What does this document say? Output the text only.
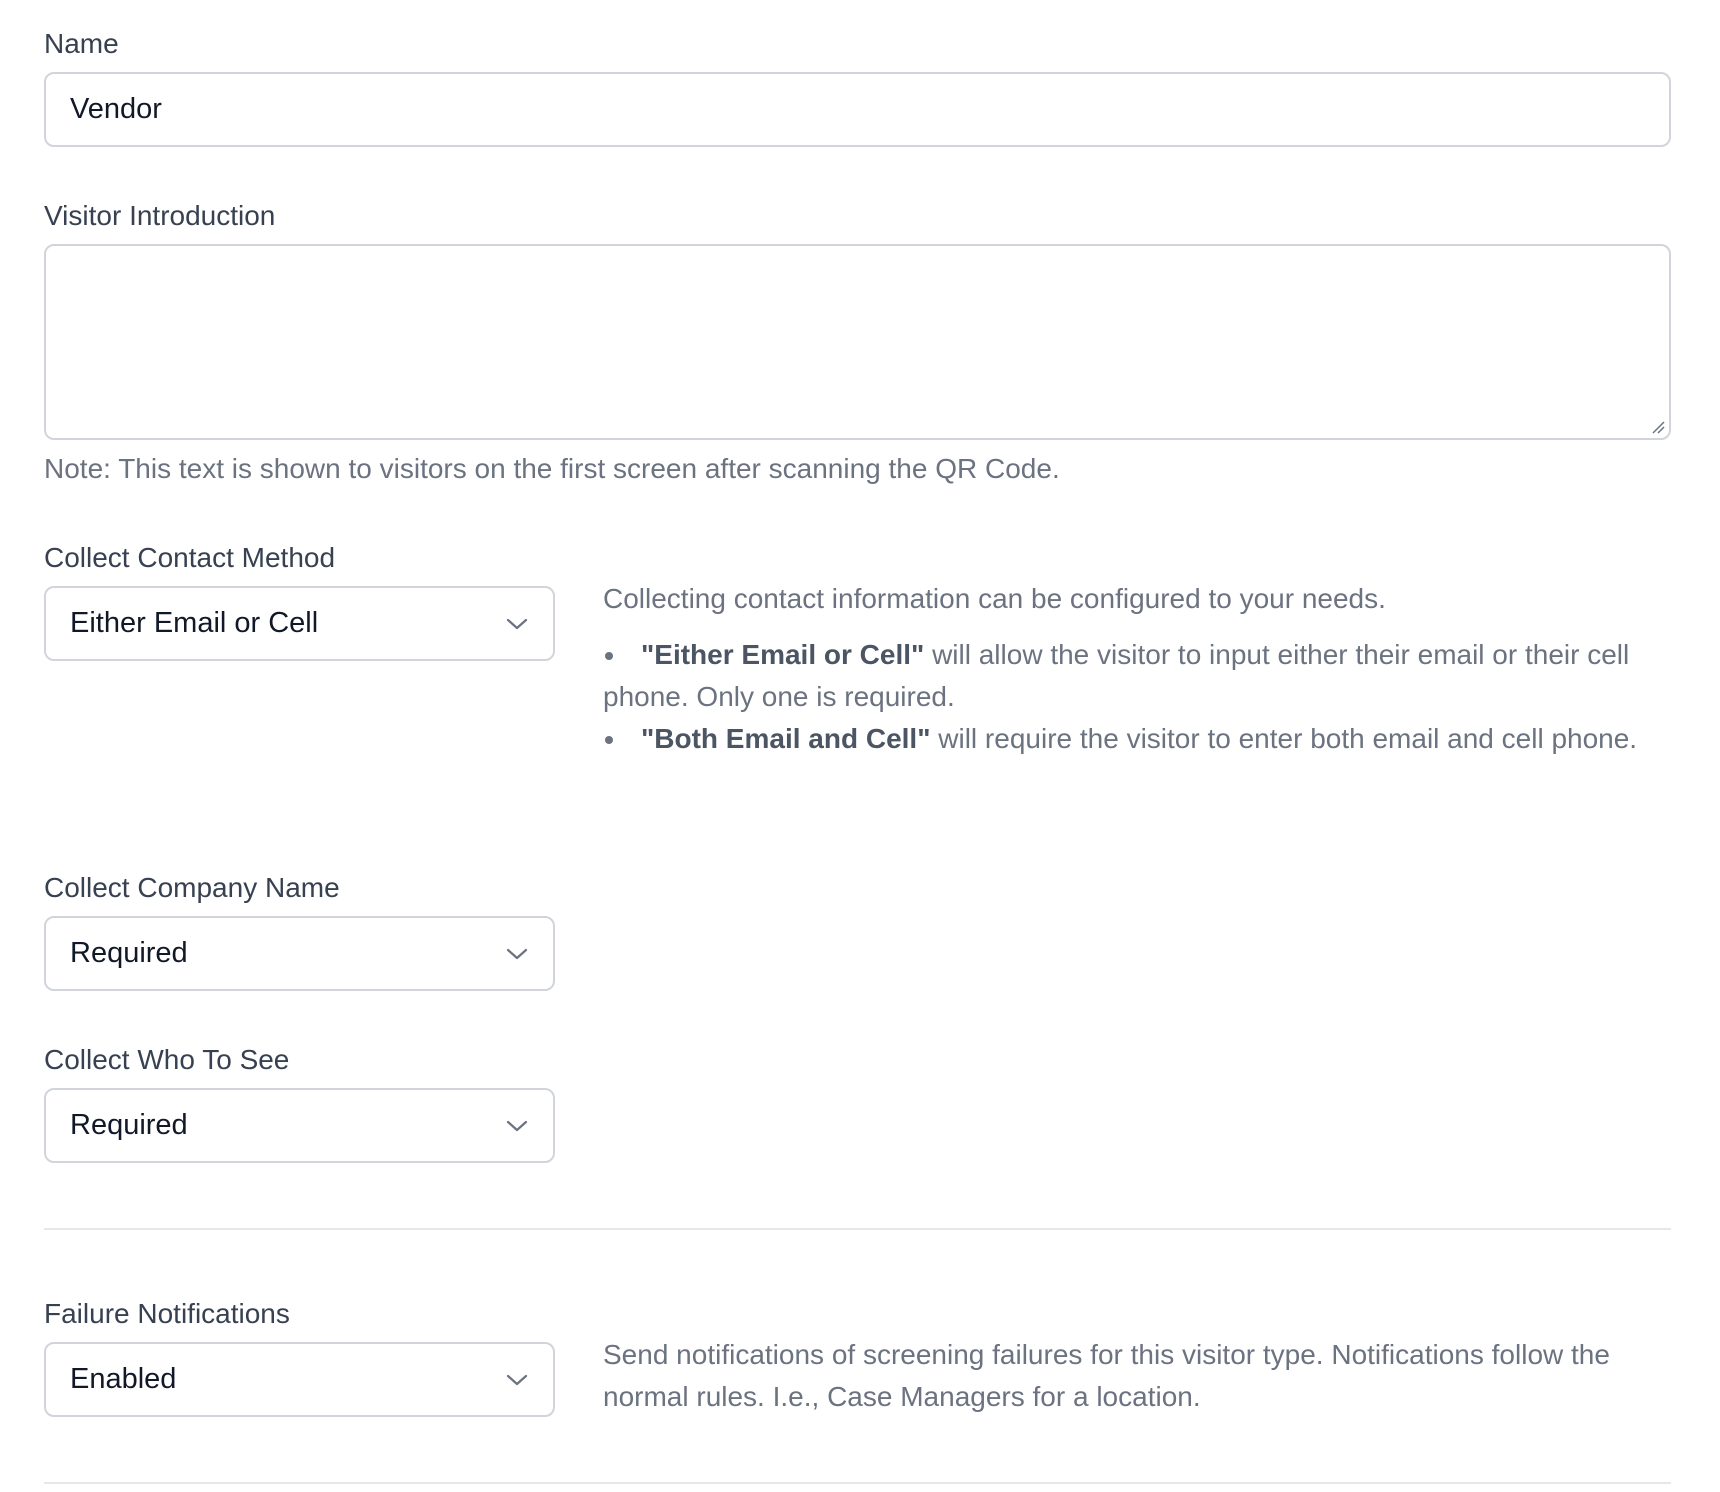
Name
Vendor
Visitor Introduction
Note: This text is shown to visitors on the first screen after scanning the QR Code.
Collect Contact Method
Either Email or Cell

Collecting contact information can be configured to your needs.

"Either Email or Cell" will allow the visitor to input either their email or their cell phone. Only one is required.
"Both Email and Cell" will require the visitor to enter both email and cell phone.
Collect Company Name
Required
Collect Who To See
Required
Failure Notifications
Enabled
Send notifications of screening failures for this visitor type. Notifications follow the normal rules. I.e., Case Managers for a location.
